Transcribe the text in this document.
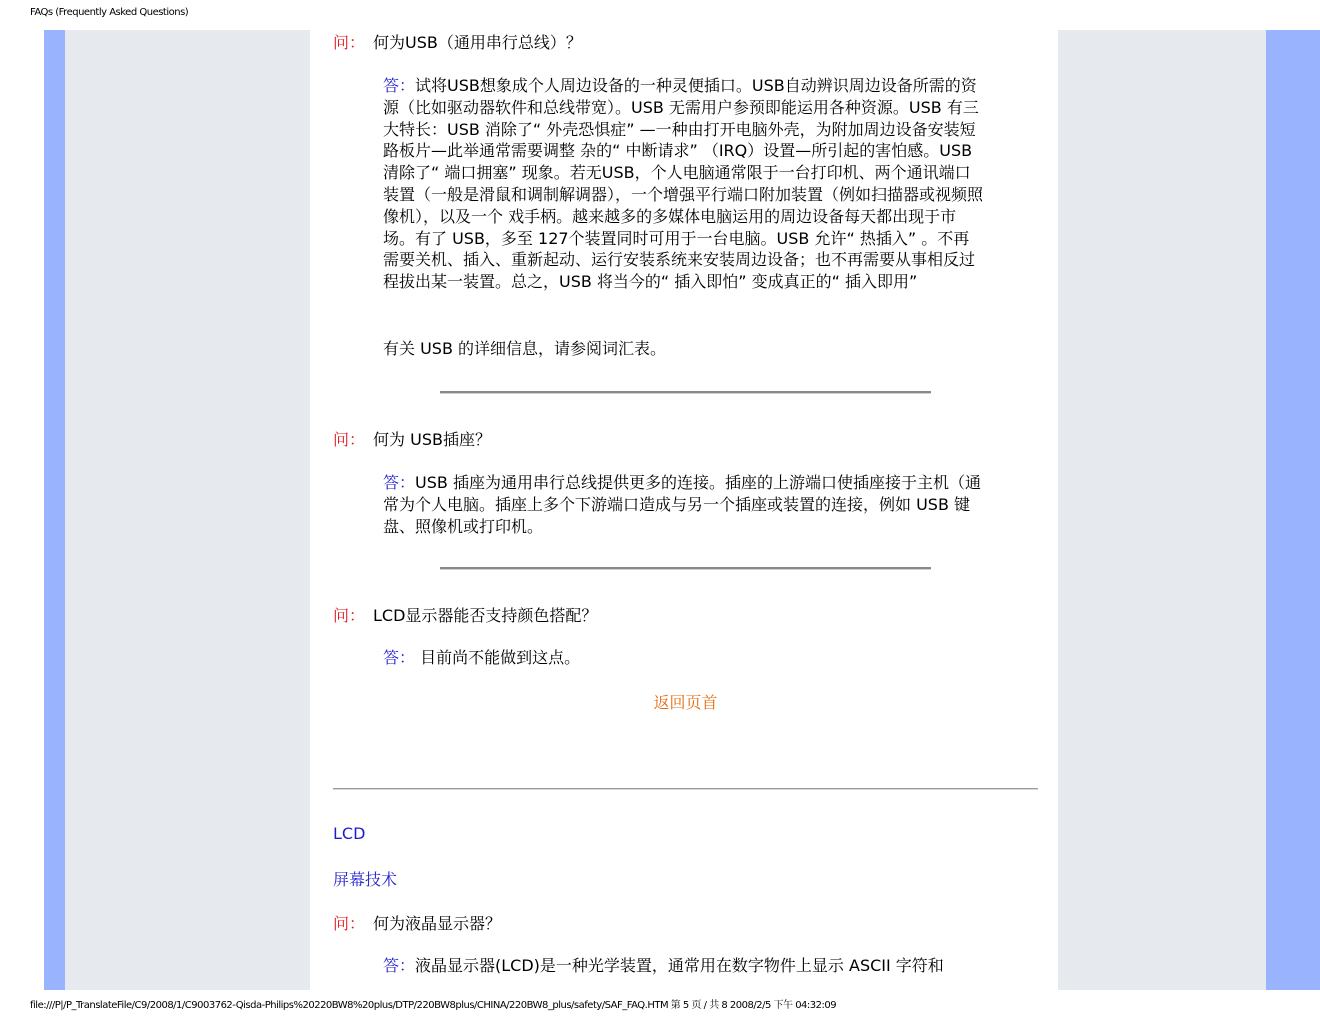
FAQs (Frequently Asked Questions)
问： 何为USB（通用串行总线）？
答：试将USB想象成个人周边设备的一种灵便插口。USB自动辨识周边设备所需的资源（比如驱动器软件和总线带宽）。USB 无需用户参预即能运用各种资源。USB 有三大特长：USB 消除了“ 外壳恐惧症” —一种由打开电脑外壳，为附加周边设备安装短路板片—此举通常需要调整 杂的“ 中断请求” （IRQ）设置—所引起的害怕感。USB 清除了“ 端口拥塞” 现象。若无USB，个人电脑通常限于一台打印机、两个通讯端口装置（一般是滑鼠和调制解调器），一个增强平行端口附加装置（例如扫描器或视频照像机），以及一个 戏手柄。越来越多的多媒体电脑运用的周边设备每天都出现于市场。有了 USB，多至 127个装置同时可用于一台电脑。USB 允许“ 热插入” 。不再需要关机、插入、重新起动、运行安装系统来安装周边设备；也不再需要从事相反过程拔出某一装置。总之，USB 将当今的“ 插入即怕” 变成真正的“ 插入即用”
有关 USB 的详细信息，请参阅词汇表。
问： 何为 USB插座？
答：USB 插座为通用串行总线提供更多的连接。插座的上游端口使插座接于主机（通常为个人电脑。插座上多个下游端口造成与另一个插座或装置的连接，例如 USB 键盘、照像机或打印机。
问： LCD显示器能否支持颜色搭配？
答： 目前尚不能做到这点。
返回页首
LCD
屏幕技术
问： 何为液晶显示器？
答：液晶显示器(LCD)是一种光学装置，通常用在数字物件上显示 ASCII 字符和
file:///P|/P_TranslateFile/C9/2008/1/C9003762-Qisda-Philips%20220BW8%20plus/DTP/220BW8plus/CHINA/220BW8_plus/safety/SAF_FAQ.HTM 第 5 页 / 共 8 2008/2/5 下午 04:32:09
